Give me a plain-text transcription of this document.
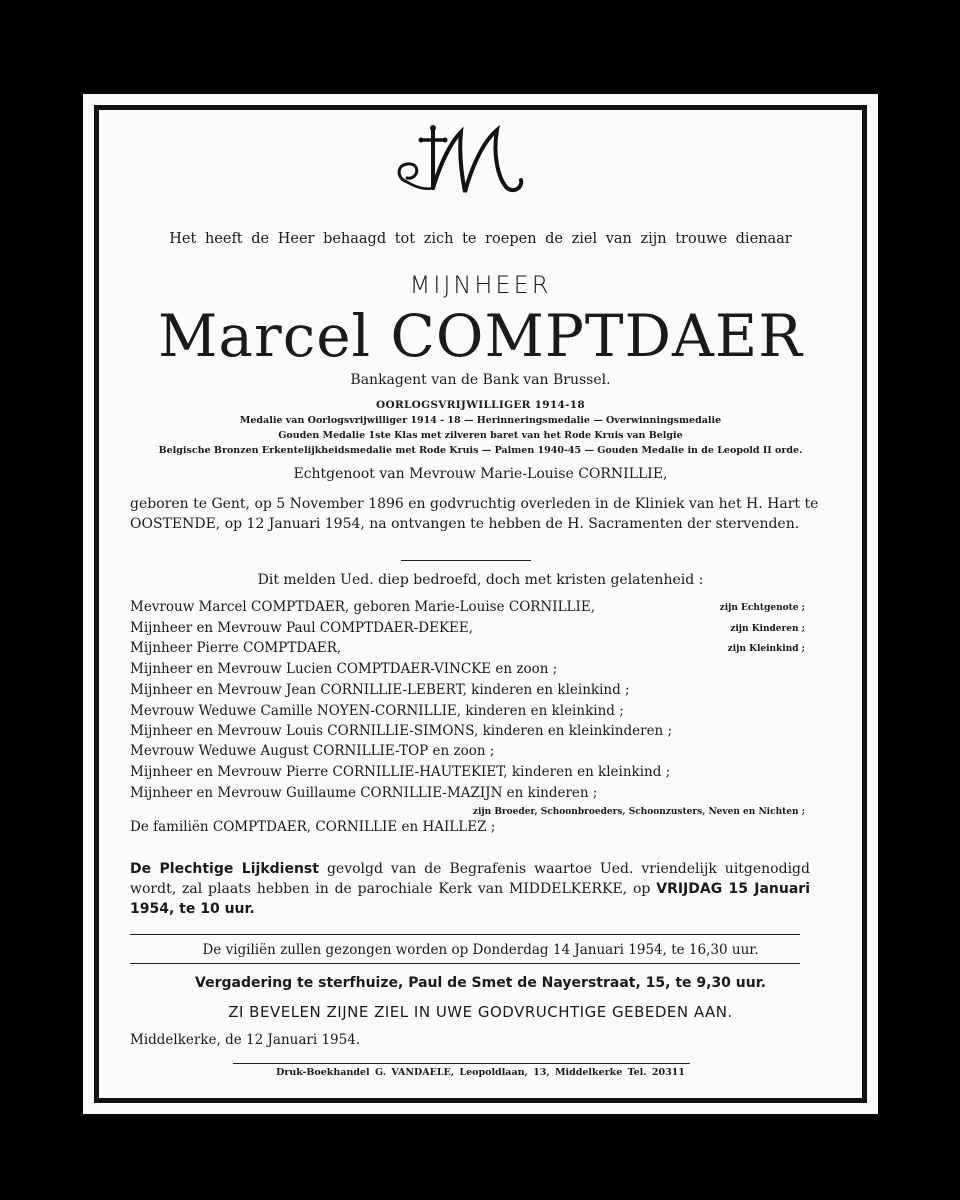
Het heeft de Heer behaagd tot zich te roepen de ziel van zijn trouwe dienaar
MIJNHEER
Marcel COMPTDAER
Bankagent van de Bank van Brussel.
OORLOGSVRIJWILLIGER 1914-18
Medalie van Oorlogsvrijwilliger 1914 - 18 — Herinneringsmedalie — Overwinningsmedalie
Gouden Medalie 1ste Klas met zilveren baret van het Rode Kruis van Belgie
Belgische Bronzen Erkentelijkheidsmedalie met Rode Kruis — Palmen 1940-45 — Gouden Medalie in de Leopold II orde.
Echtgenoot van Mevrouw Marie-Louise CORNILLIE,
geboren te Gent, op 5 November 1896 en godvruchtig overleden in de Kliniek van het H. Hart te OOSTENDE, op 12 Januari 1954, na ontvangen te hebben de H. Sacramenten der stervenden.
Dit melden Ued. diep bedroefd, doch met kristen gelatenheid :
Mevrouw Marcel COMPTDAER, geboren Marie-Louise CORNILLIE,	zijn Echtgenote ;
Mijnheer en Mevrouw Paul COMPTDAER-DEKEE,	zijn Kinderen ;
Mijnheer Pierre COMPTDAER,	zijn Kleinkind ;
Mijnheer en Mevrouw Lucien COMPTDAER-VINCKE en zoon ;
Mijnheer en Mevrouw Jean CORNILLIE-LEBERT, kinderen en kleinkind ;
Mevrouw Weduwe Camille NOYEN-CORNILLIE, kinderen en kleinkind ;
Mijnheer en Mevrouw Louis CORNILLIE-SIMONS, kinderen en kleinkinderen ;
Mevrouw Weduwe August CORNILLIE-TOP en zoon ;
Mijnheer en Mevrouw Pierre CORNILLIE-HAUTEKIET, kinderen en kleinkind ;
Mijnheer en Mevrouw Guillaume CORNILLIE-MAZIJN en kinderen ;
zijn Broeder, Schoonbroeders, Schoonzusters, Neven en Nichten ;
De familiën COMPTDAER, CORNILLIE en HAILLEZ ;
De Plechtige Lijkdienst gevolgd van de Begrafenis waartoe Ued. vriendelijk uitgenodigd wordt, zal plaats hebben in de parochiale Kerk van MIDDELKERKE, op VRIJDAG 15 Januari 1954, te 10 uur.
De vigiliën zullen gezongen worden op Donderdag 14 Januari 1954, te 16,30 uur.
Vergadering te sterfhuize, Paul de Smet de Nayerstraat, 15, te 9,30 uur.
ZI BEVELEN ZIJNE ZIEL IN UWE GODVRUCHTIGE GEBEDEN AAN.
Middelkerke, de 12 Januari 1954.
Druk-Boekhandel G. VANDAELE, Leopoldlaan, 13, Middelkerke Tel. 20311
